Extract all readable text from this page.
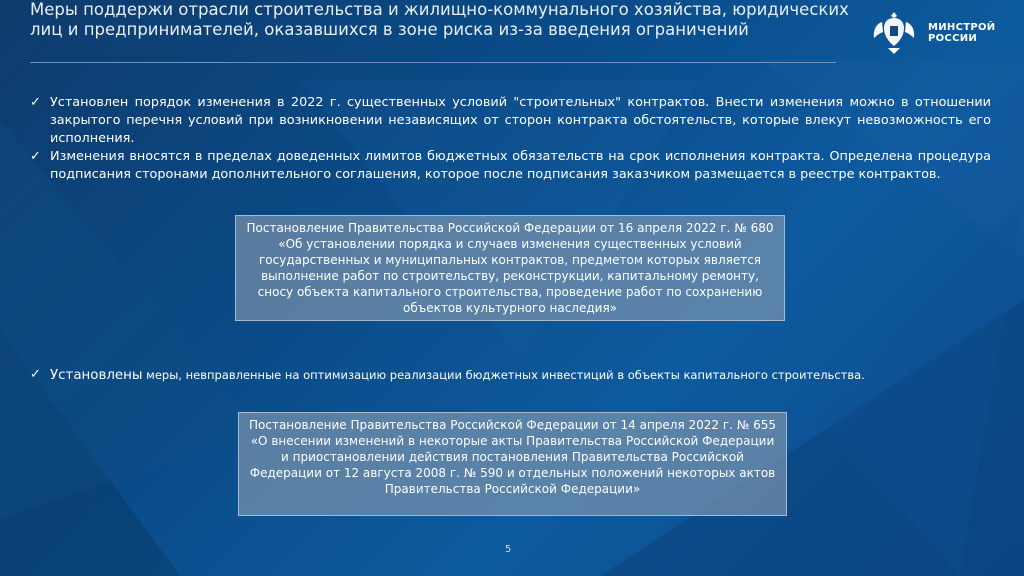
Меры поддержи отрасли строительства и жилищно-коммунального хозяйства, юридических лиц и предпринимателей, оказавшихся в зоне риска из-за введения ограничений	МИНСТРОЙ
РОССИИ
✓ Установлен порядок изменения в 2022 г. существенных условий "строительных" контрактов. Внести изменения можно в отношении закрытого перечня условий при возникновении независящих от сторон контракта обстоятельств, которые влекут невозможность его исполнения.
✓ Изменения вносятся в пределах доведенных лимитов бюджетных обязательств на срок исполнения контракта. Определена процедура подписания сторонами дополнительного соглашения, которое после подписания заказчиком размещается в реестре контрактов.
Постановление Правительства Российской Федерации от 16 апреля 2022 г. № 680 «Об установлении порядка и случаев изменения существенных условий государственных и муниципальных контрактов, предметом которых является выполнение работ по строительству, реконструкции, капитальному ремонту, сносу объекта капитального строительства, проведение работ по сохранению объектов культурного наследия»
✓ Установлены меры, невправленные на оптимизацию реализации бюджетных инвестиций в объекты капитального строительства.
Постановление Правительства Российской Федерации от 14 апреля 2022 г. № 655 «О внесении изменений в некоторые акты Правительства Российской Федерации и приостановлении действия постановления Правительства Российской Федерации от 12 августа 2008 г. № 590 и отдельных положений некоторых актов Правительства Российской Федерации»
5
